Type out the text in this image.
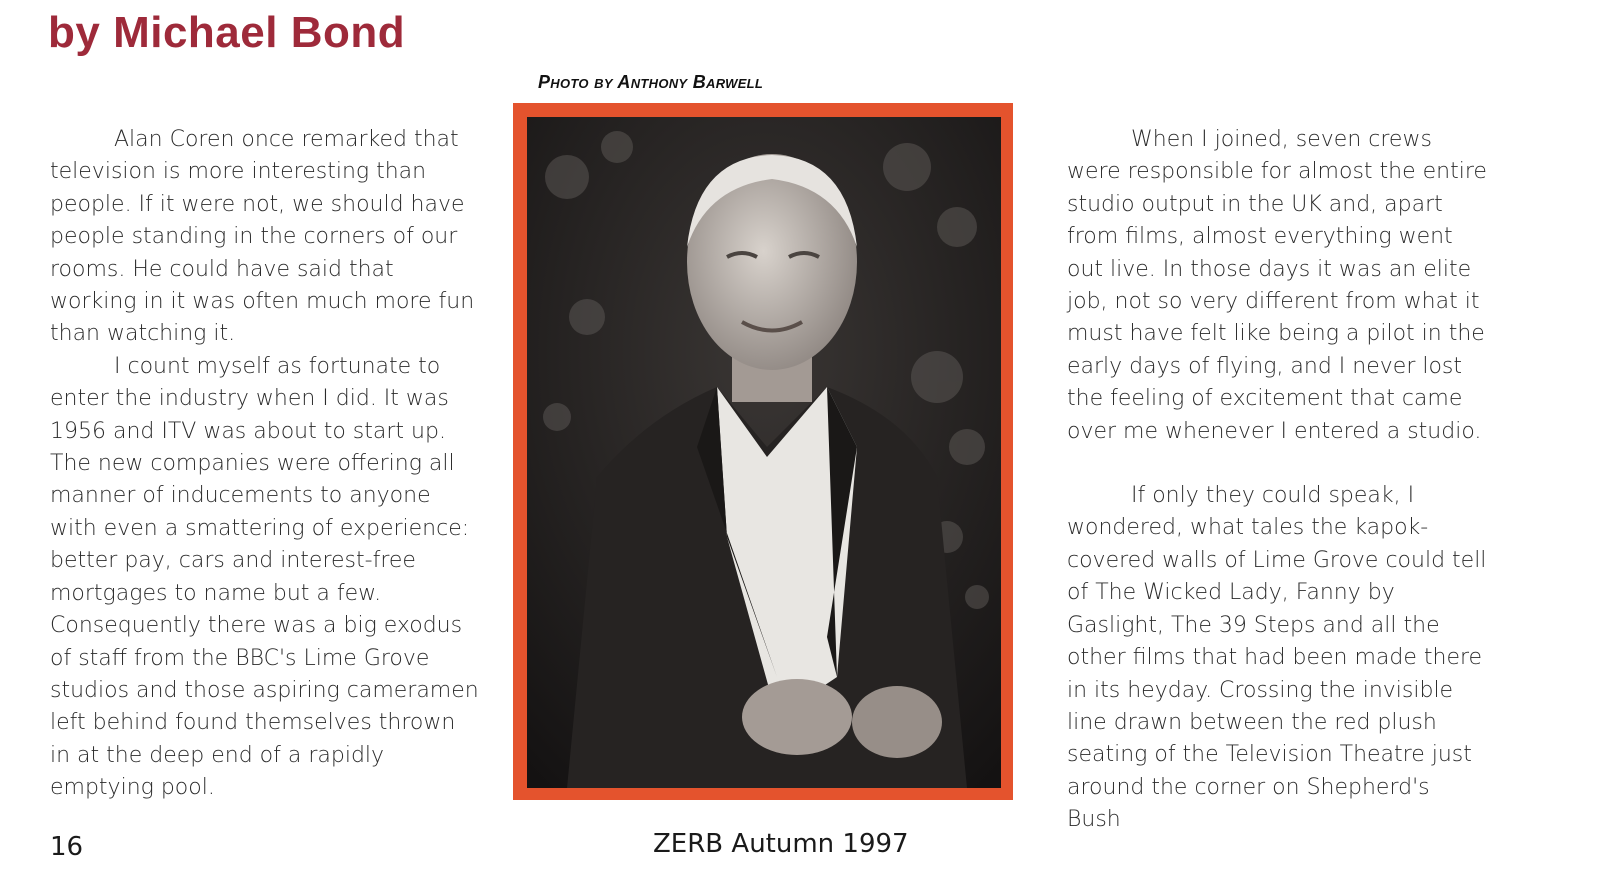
by Michael Bond
Photo by Anthony Barwell

Alan Coren once remarked that television is more interesting than people. If it were not, we should have people standing in the corners of our rooms. He could have said that working in it was often much more fun than watching it.

I count myself as fortunate to enter the industry when I did. It was 1956 and ITV was about to start up. The new companies were offering all manner of inducements to anyone with even a smattering of experience: better pay, cars and interest-free mortgages to name but a few. Consequently there was a big exodus of staff from the BBC's Lime Grove studios and those aspiring cameramen left behind found themselves thrown in at the deep end of a rapidly emptying pool.

When I joined, seven crews were responsible for almost the entire studio output in the UK and, apart from films, almost everything went out live. In those days it was an elite job, not so very different from what it must have felt like being a pilot in the early days of flying, and I never lost the feeling of excitement that came over me whenever I entered a studio.

If only they could speak, I wondered, what tales the kapok-covered walls of Lime Grove could tell of The Wicked Lady, Fanny by Gaslight, The 39 Steps and all the other films that had been made there in its heyday. Crossing the invisible line drawn between the red plush seating of the Television Theatre just around the corner on Shepherd's Bush

16	ZERB Autumn 1997
